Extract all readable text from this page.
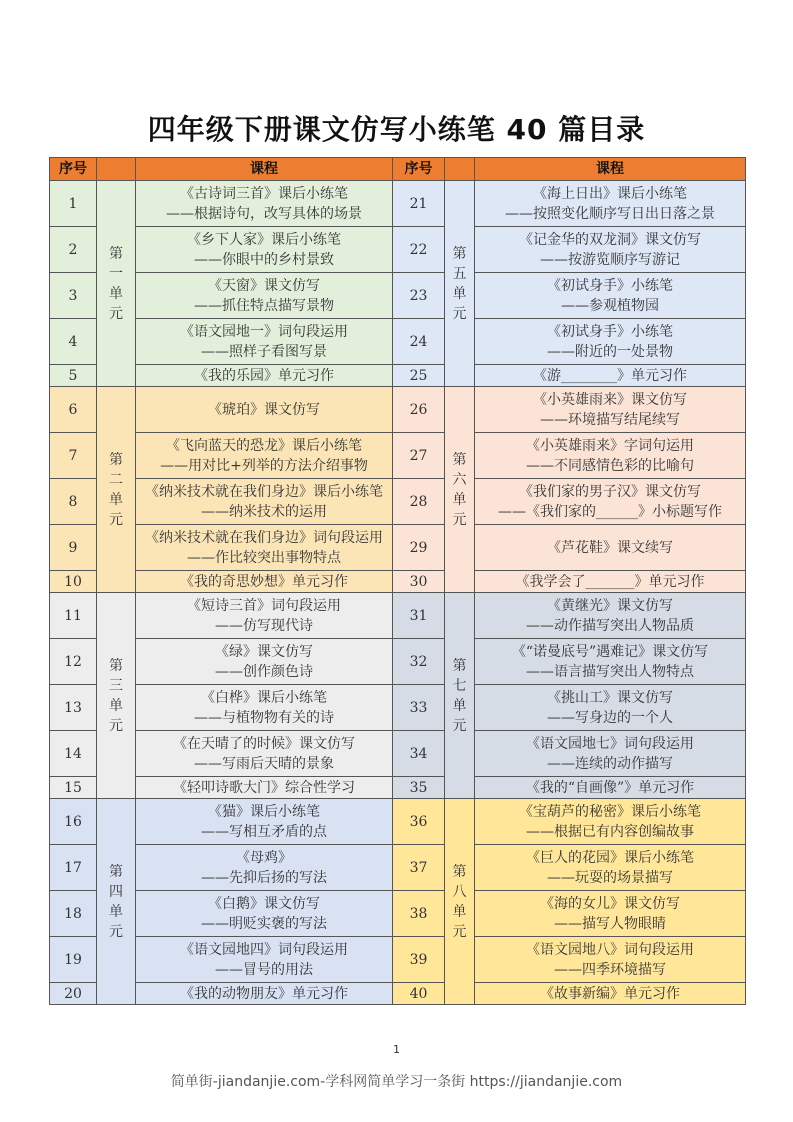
四年级下册课文仿写小练笔 40 篇目录
序号		课程	序号		课程
1	第
一
单
元	《古诗词三首》课后小练笔
——根据诗句，改写具体的场景	21	第
五
单
元	《海上日出》课后小练笔
——按照变化顺序写日出日落之景

2		《乡下人家》课后小练笔
——你眼中的乡村景致	22		《记金华的双龙洞》课文仿写
——按游览顺序写游记

3		《天窗》课文仿写
——抓住特点描写景物	23		《初试身手》小练笔
——参观植物园

4		《语文园地一》词句段运用
——照样子看图写景	24		《初试身手》小练笔
——附近的一处景物

5		《我的乐园》单元习作	25		《游________》单元习作

6	第
二
单
元	《琥珀》课文仿写	26	第
六
单
元	《小英雄雨来》课文仿写
——环境描写结尾续写

7		《飞向蓝天的恐龙》课后小练笔
——用对比+列举的方法介绍事物	27		《小英雄雨来》字词句运用
——不同感情色彩的比喻句

8		《纳米技术就在我们身边》课后小练笔
——纳米技术的运用	28		《我们家的男子汉》课文仿写
——《我们家的______》小标题写作

9		《纳米技术就在我们身边》词句段运用
——作比较突出事物特点	29		《芦花鞋》课文续写

10		《我的奇思妙想》单元习作	30		《我学会了_______》单元习作

11	第
三
单
元	《短诗三首》词句段运用
——仿写现代诗	31	第
七
单
元	《黄继光》课文仿写
——动作描写突出人物品质

12		《绿》课文仿写
——创作颜色诗	32		《“诺曼底号”遇难记》课文仿写
——语言描写突出人物特点

13		《白桦》课后小练笔
——与植物物有关的诗	33		《挑山工》课文仿写
——写身边的一个人

14		《在天晴了的时候》课文仿写
——写雨后天晴的景象	34		《语文园地七》词句段运用
——连续的动作描写

15		《轻叩诗歌大门》综合性学习	35		《我的“自画像”》单元习作

16	第
四
单
元	《猫》课后小练笔
——写相互矛盾的点	36	第
八
单
元	《宝葫芦的秘密》课后小练笔
——根据已有内容创编故事

17		《母鸡》
——先抑后扬的写法	37		《巨人的花园》课后小练笔
——玩耍的场景描写

18		《白鹅》课文仿写
——明贬实褒的写法	38		《海的女儿》课文仿写
——描写人物眼睛

19		《语文园地四》词句段运用
——冒号的用法	39		《语文园地八》词句段运用
——四季环境描写

20		《我的动物朋友》单元习作	40		《故事新编》单元习作
1
简单街-jiandanjie.com-学科网简单学习一条街 https://jiandanjie.com
